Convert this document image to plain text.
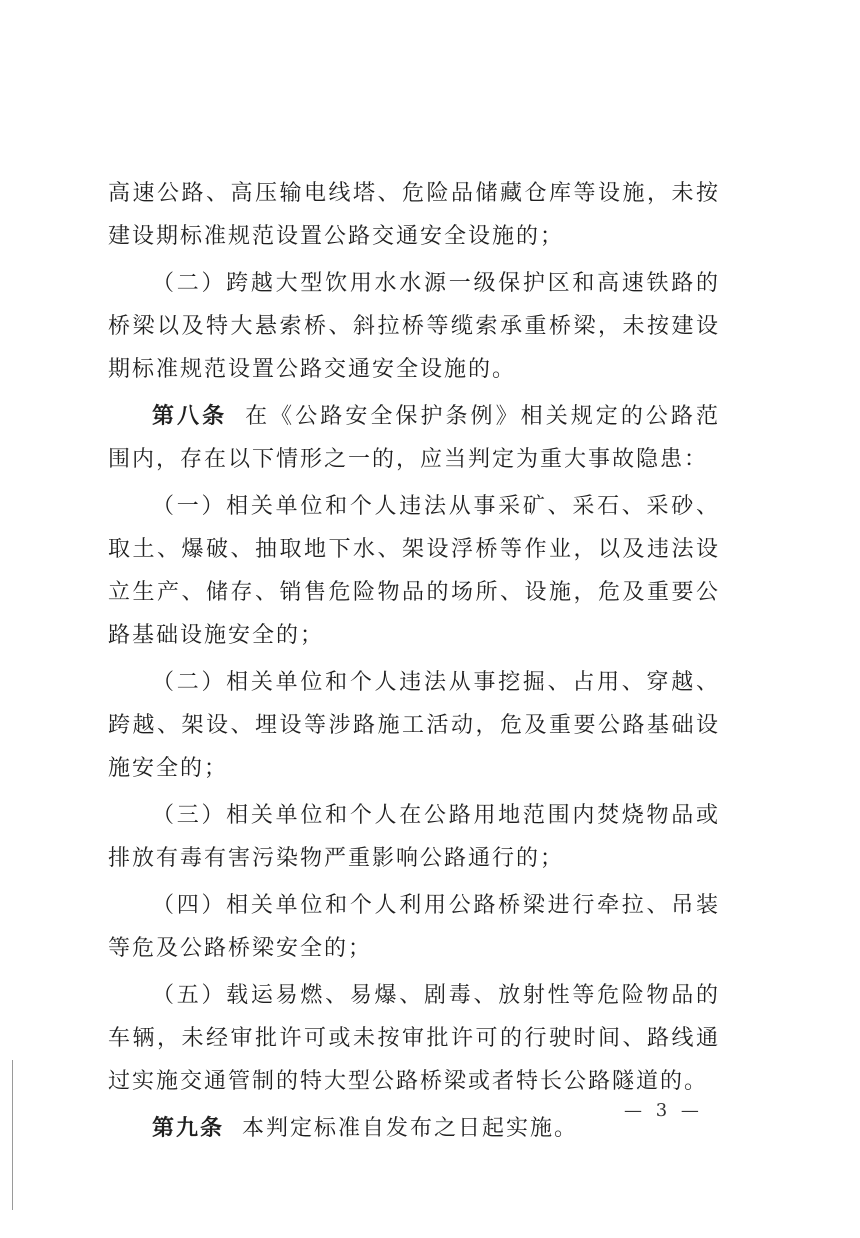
高速公路、高压输电线塔、危险品储藏仓库等设施，未按建设期标准规范设置公路交通安全设施的；

（二）跨越大型饮用水水源一级保护区和高速铁路的桥梁以及特大悬索桥、斜拉桥等缆索承重桥梁，未按建设期标准规范设置公路交通安全设施的。

第八条 在《公路安全保护条例》相关规定的公路范围内，存在以下情形之一的，应当判定为重大事故隐患：

（一）相关单位和个人违法从事采矿、采石、采砂、取土、爆破、抽取地下水、架设浮桥等作业，以及违法设立生产、储存、销售危险物品的场所、设施，危及重要公路基础设施安全的；

（二）相关单位和个人违法从事挖掘、占用、穿越、跨越、架设、埋设等涉路施工活动，危及重要公路基础设施安全的；

（三）相关单位和个人在公路用地范围内焚烧物品或排放有毒有害污染物严重影响公路通行的；

（四）相关单位和个人利用公路桥梁进行牵拉、吊装等危及公路桥梁安全的；

（五）载运易燃、易爆、剧毒、放射性等危险物品的车辆，未经审批许可或未按审批许可的行驶时间、路线通过实施交通管制的特大型公路桥梁或者特长公路隧道的。

第九条 本判定标准自发布之日起实施。

— 3 —
